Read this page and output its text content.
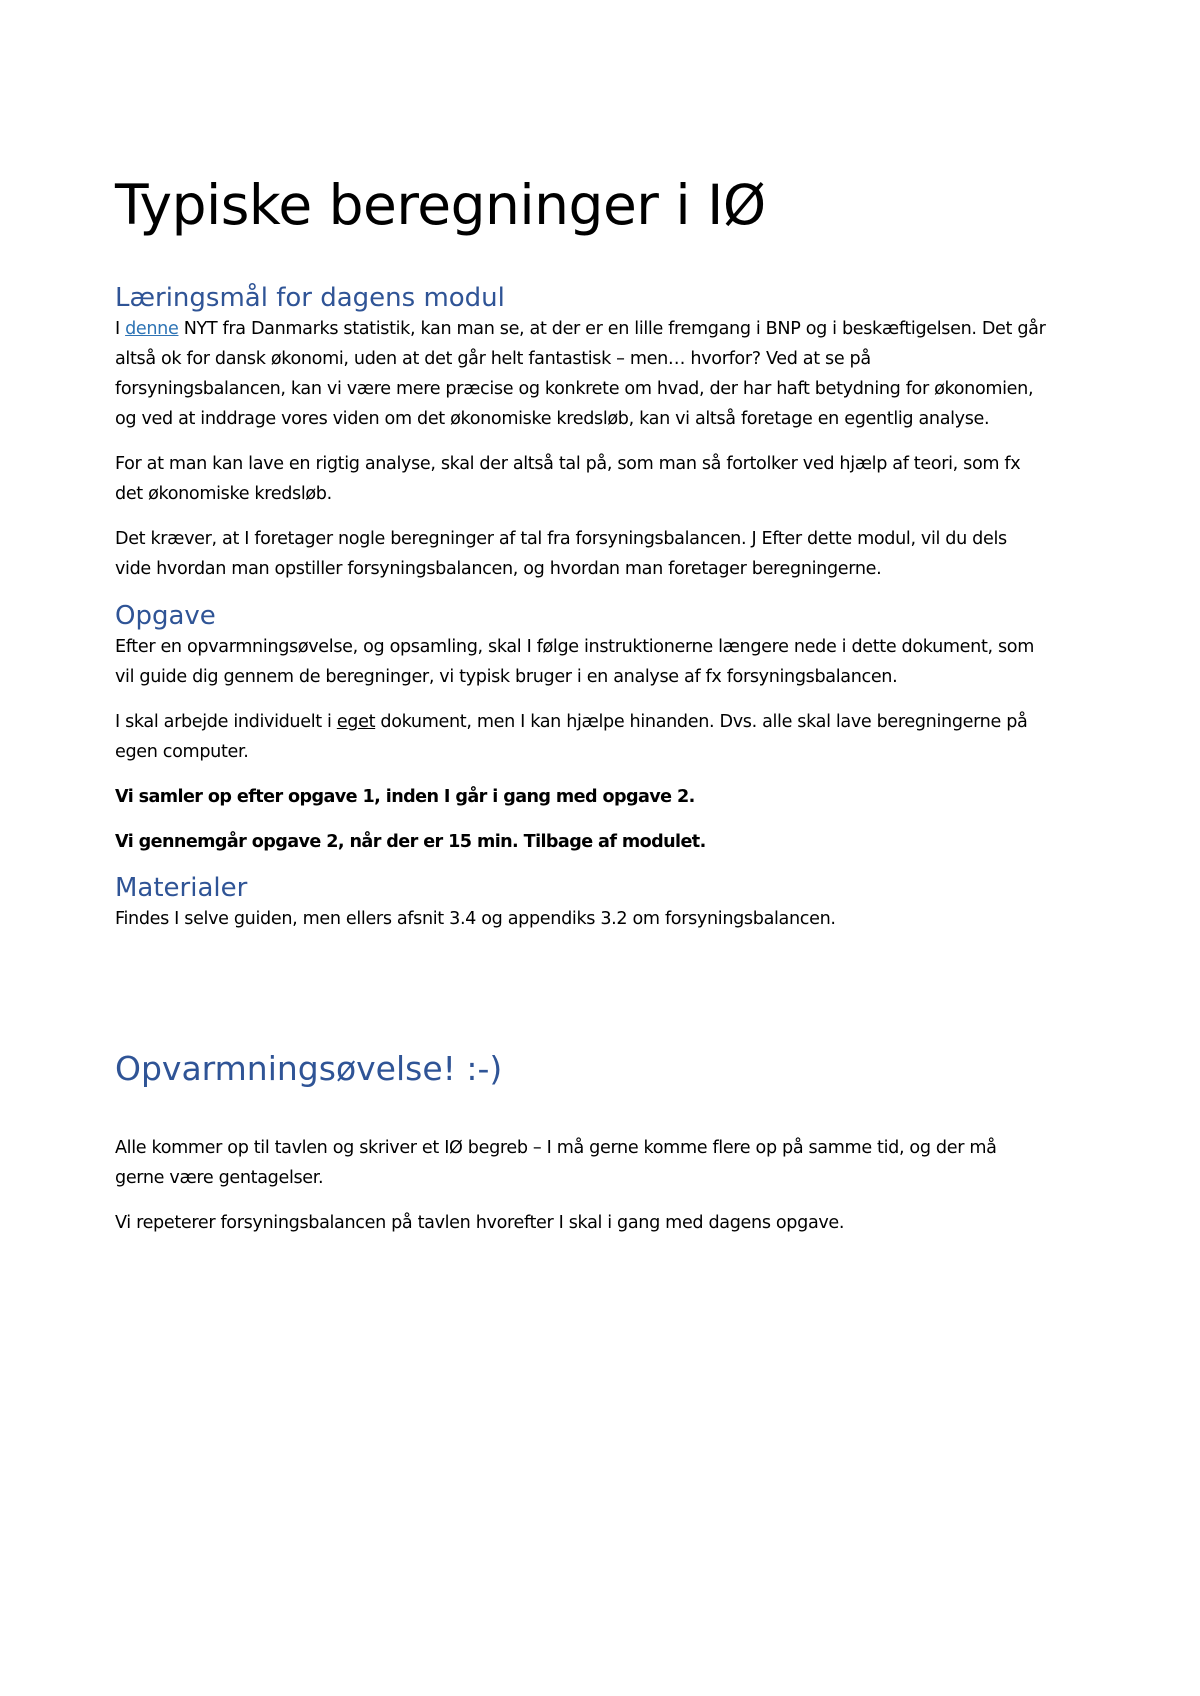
Typiske beregninger i IØ
Læringsmål for dagens modul

I denne NYT fra Danmarks statistik, kan man se, at der er en lille fremgang i BNP og i beskæftigelsen. Det går
altså ok for dansk økonomi, uden at det går helt fantastisk – men… hvorfor? Ved at se på
forsyningsbalancen, kan vi være mere præcise og konkrete om hvad, der har haft betydning for økonomien,
og ved at inddrage vores viden om det økonomiske kredsløb, kan vi altså foretage en egentlig analyse.

For at man kan lave en rigtig analyse, skal der altså tal på, som man så fortolker ved hjælp af teori, som fx
det økonomiske kredsløb.

Det kræver, at I foretager nogle beregninger af tal fra forsyningsbalancen. J Efter dette modul, vil du dels
vide hvordan man opstiller forsyningsbalancen, og hvordan man foretager beregningerne.

Opgave

Efter en opvarmningsøvelse, og opsamling, skal I følge instruktionerne længere nede i dette dokument, som
vil guide dig gennem de beregninger, vi typisk bruger i en analyse af fx forsyningsbalancen.

I skal arbejde individuelt i eget dokument, men I kan hjælpe hinanden. Dvs. alle skal lave beregningerne på
egen computer.

Vi samler op efter opgave 1, inden I går i gang med opgave 2.

Vi gennemgår opgave 2, når der er 15 min. Tilbage af modulet.

Materialer

Findes I selve guiden, men ellers afsnit 3.4 og appendiks 3.2 om forsyningsbalancen.

Opvarmningsøvelse! :-)

Alle kommer op til tavlen og skriver et IØ begreb – I må gerne komme flere op på samme tid, og der må
gerne være gentagelser.

Vi repeterer forsyningsbalancen på tavlen hvorefter I skal i gang med dagens opgave.
